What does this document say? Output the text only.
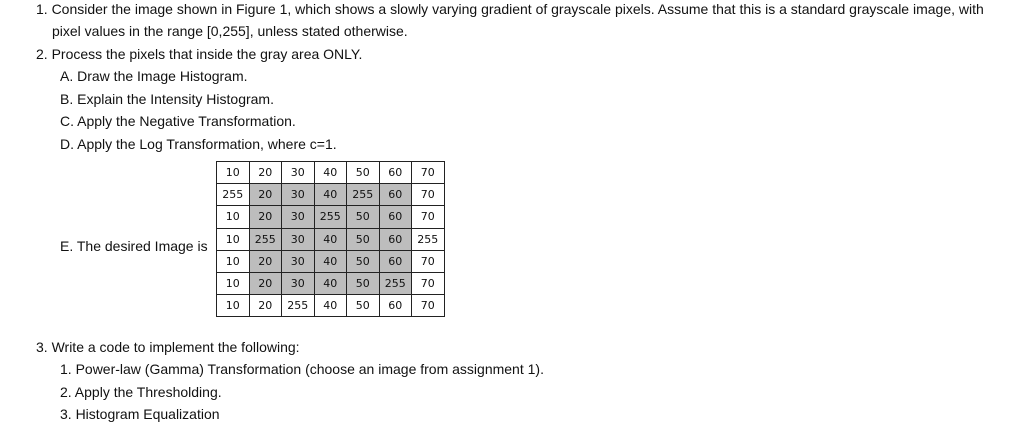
1. Consider the image shown in Figure 1, which shows a slowly varying gradient of grayscale pixels. Assume that this is a standard grayscale image, with
pixel values in the range [0,255], unless stated otherwise.
2. Process the pixels that inside the gray area ONLY.
A. Draw the Image Histogram.
B. Explain the Intensity Histogram.
C. Apply the Negative Transformation.
D. Apply the Log Transformation, where c=1.
E. The desired Image is
10	20	30	40	50	60	70
255	20	30	40	255	60	70
10	20	30	255	50	60	70
10	255	30	40	50	60	255
10	20	30	40	50	60	70
10	20	30	40	50	255	70
10	20	255	40	50	60	70
3. Write a code to implement the following:
1. Power-law (Gamma) Transformation (choose an image from assignment 1).
2. Apply the Thresholding.
3. Histogram Equalization
